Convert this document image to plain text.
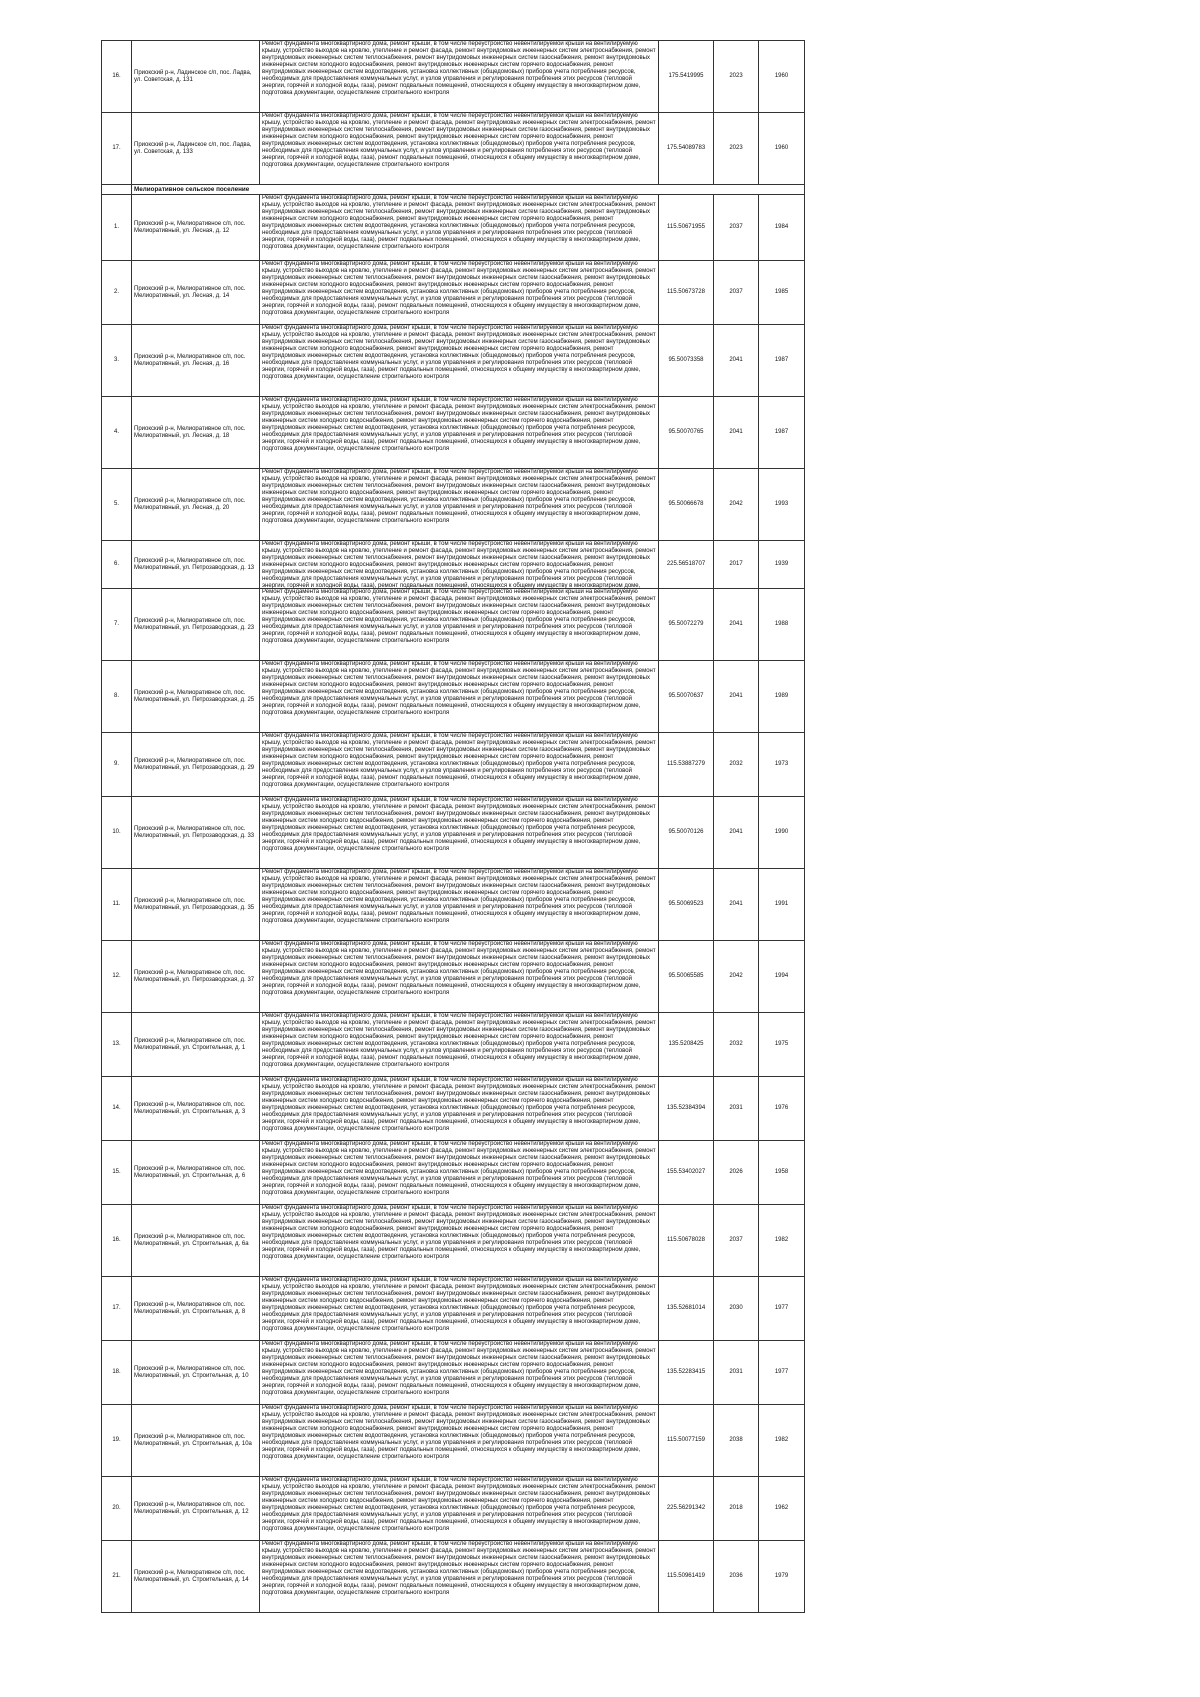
16.	Приокский р-н, Ладинское с/п, пос. Ладва, ул. Советская, д. 131	Ремонт фундамента многоквартирного дома, ремонт крыши, в том числе переустройство невентилируемой крыши на вентилируемую крышу, устройство выходов на кровлю, утепление и ремонт фасада, ремонт внутридомовых инженерных систем электроснабжения, ремонт внутридомовых инженерных систем теплоснабжения, ремонт внутридомовых инженерных систем газоснабжения, ремонт внутридомовых инженерных систем холодного водоснабжения, ремонт внутридомовых инженерных систем горячего водоснабжения, ремонт внутридомовых инженерных систем водоотведения, установка коллективных (общедомовых) приборов учета потребления ресурсов, необходимых для предоставления коммунальных услуг, и узлов управления и регулирования потребления этих ресурсов (тепловой энергии, горячей и холодной воды, газа), ремонт подвальных помещений, относящихся к общему имуществу в многоквартирном доме, подготовка документации, осуществление строительного контроля	175.5419995	2023	1960
17.	Приокский р-н, Ладинское с/п, пос. Ладва, ул. Советская, д. 133	Ремонт фундамента многоквартирного дома, ремонт крыши, в том числе переустройство невентилируемой крыши на вентилируемую крышу, устройство выходов на кровлю, утепление и ремонт фасада, ремонт внутридомовых инженерных систем электроснабжения, ремонт внутридомовых инженерных систем теплоснабжения, ремонт внутридомовых инженерных систем газоснабжения, ремонт внутридомовых инженерных систем холодного водоснабжения, ремонт внутридомовых инженерных систем горячего водоснабжения, ремонт внутридомовых инженерных систем водоотведения, установка коллективных (общедомовых) приборов учета потребления ресурсов, необходимых для предоставления коммунальных услуг, и узлов управления и регулирования потребления этих ресурсов (тепловой энергии, горячей и холодной воды, газа), ремонт подвальных помещений, относящихся к общему имуществу в многоквартирном доме, подготовка документации, осуществление строительного контроля	175.54089783	2023	1960
	Мелиоративное сельское поселение				
1.	Приокский р-н, Мелиоративное с/п, пос. Мелиоративный, ул. Лесная, д. 12	Ремонт фундамента многоквартирного дома, ремонт крыши, в том числе переустройство невентилируемой крыши на вентилируемую крышу, устройство выходов на кровлю, утепление и ремонт фасада, ремонт внутридомовых инженерных систем электроснабжения, ремонт внутридомовых инженерных систем теплоснабжения, ремонт внутридомовых инженерных систем газоснабжения, ремонт внутридомовых инженерных систем холодного водоснабжения, ремонт внутридомовых инженерных систем горячего водоснабжения, ремонт внутридомовых инженерных систем водоотведения, установка коллективных (общедомовых) приборов учета потребления ресурсов, необходимых для предоставления коммунальных услуг, и узлов управления и регулирования потребления этих ресурсов (тепловой энергии, горячей и холодной воды, газа), ремонт подвальных помещений, относящихся к общему имуществу в многоквартирном доме, подготовка документации, осуществление строительного контроля	115.50671955	2037	1984
2.	Приокский р-н, Мелиоративное с/п, пос. Мелиоративный, ул. Лесная, д. 14	Ремонт фундамента многоквартирного дома, ремонт крыши, в том числе переустройство невентилируемой крыши на вентилируемую крышу, устройство выходов на кровлю, утепление и ремонт фасада, ремонт внутридомовых инженерных систем электроснабжения, ремонт внутридомовых инженерных систем теплоснабжения, ремонт внутридомовых инженерных систем газоснабжения, ремонт внутридомовых инженерных систем холодного водоснабжения, ремонт внутридомовых инженерных систем горячего водоснабжения, ремонт внутридомовых инженерных систем водоотведения, установка коллективных (общедомовых) приборов учета потребления ресурсов, необходимых для предоставления коммунальных услуг, и узлов управления и регулирования потребления этих ресурсов (тепловой энергии, горячей и холодной воды, газа), ремонт подвальных помещений, относящихся к общему имуществу в многоквартирном доме, подготовка документации, осуществление строительного контроля	115.50673728	2037	1985
3.	Приокский р-н, Мелиоративное с/п, пос. Мелиоративный, ул. Лесная, д. 16	Ремонт фундамента многоквартирного дома, ремонт крыши, в том числе переустройство невентилируемой крыши на вентилируемую крышу, устройство выходов на кровлю, утепление и ремонт фасада, ремонт внутридомовых инженерных систем электроснабжения, ремонт внутридомовых инженерных систем теплоснабжения, ремонт внутридомовых инженерных систем газоснабжения, ремонт внутридомовых инженерных систем холодного водоснабжения, ремонт внутридомовых инженерных систем горячего водоснабжения, ремонт внутридомовых инженерных систем водоотведения, установка коллективных (общедомовых) приборов учета потребления ресурсов, необходимых для предоставления коммунальных услуг, и узлов управления и регулирования потребления этих ресурсов (тепловой энергии, горячей и холодной воды, газа), ремонт подвальных помещений, относящихся к общему имуществу в многоквартирном доме, подготовка документации, осуществление строительного контроля	95.50073358	2041	1987
4.	Приокский р-н, Мелиоративное с/п, пос. Мелиоративный, ул. Лесная, д. 18	Ремонт фундамента многоквартирного дома, ремонт крыши, в том числе переустройство невентилируемой крыши на вентилируемую крышу, устройство выходов на кровлю, утепление и ремонт фасада, ремонт внутридомовых инженерных систем электроснабжения, ремонт внутридомовых инженерных систем теплоснабжения, ремонт внутридомовых инженерных систем газоснабжения, ремонт внутридомовых инженерных систем холодного водоснабжения, ремонт внутридомовых инженерных систем горячего водоснабжения, ремонт внутридомовых инженерных систем водоотведения, установка коллективных (общедомовых) приборов учета потребления ресурсов, необходимых для предоставления коммунальных услуг, и узлов управления и регулирования потребления этих ресурсов (тепловой энергии, горячей и холодной воды, газа), ремонт подвальных помещений, относящихся к общему имуществу в многоквартирном доме, подготовка документации, осуществление строительного контроля	95.50070765	2041	1987
5.	Приокский р-н, Мелиоративное с/п, пос. Мелиоративный, ул. Лесная, д. 20	Ремонт фундамента многоквартирного дома, ремонт крыши, в том числе переустройство невентилируемой крыши на вентилируемую крышу, устройство выходов на кровлю, утепление и ремонт фасада, ремонт внутридомовых инженерных систем электроснабжения, ремонт внутридомовых инженерных систем теплоснабжения, ремонт внутридомовых инженерных систем газоснабжения, ремонт внутридомовых инженерных систем холодного водоснабжения, ремонт внутридомовых инженерных систем горячего водоснабжения, ремонт внутридомовых инженерных систем водоотведения, установка коллективных (общедомовых) приборов учета потребления ресурсов, необходимых для предоставления коммунальных услуг, и узлов управления и регулирования потребления этих ресурсов (тепловой энергии, горячей и холодной воды, газа), ремонт подвальных помещений, относящихся к общему имуществу в многоквартирном доме, подготовка документации, осуществление строительного контроля	95.50066678	2042	1993
6.	Приокский р-н, Мелиоративное с/п, пос. Мелиоративный, ул. Петрозаводская, д. 13	Ремонт фундамента многоквартирного дома, ремонт крыши, в том числе переустройство невентилируемой крыши на вентилируемую крышу, устройство выходов на кровлю, утепление и ремонт фасада, ремонт внутридомовых инженерных систем электроснабжения, ремонт внутридомовых инженерных систем теплоснабжения, ремонт внутридомовых инженерных систем газоснабжения, ремонт внутридомовых инженерных систем холодного водоснабжения, ремонт внутридомовых инженерных систем горячего водоснабжения, ремонт внутридомовых инженерных систем водоотведения, установка коллективных (общедомовых) приборов учета потребления ресурсов, необходимых для предоставления коммунальных услуг, и узлов управления и регулирования потребления этих ресурсов (тепловой энергии, горячей и холодной воды, газа), ремонт подвальных помещений, относящихся к общему имуществу в многоквартирном доме,	225.56518707	2017	1939
7.	Приокский р-н, Мелиоративное с/п, пос. Мелиоративный, ул. Петрозаводская, д. 23	Ремонт фундамента многоквартирного дома, ремонт крыши, в том числе переустройство невентилируемой крыши на вентилируемую крышу, устройство выходов на кровлю, утепление и ремонт фасада, ремонт внутридомовых инженерных систем электроснабжения, ремонт внутридомовых инженерных систем теплоснабжения, ремонт внутридомовых инженерных систем газоснабжения, ремонт внутридомовых инженерных систем холодного водоснабжения, ремонт внутридомовых инженерных систем горячего водоснабжения, ремонт внутридомовых инженерных систем водоотведения, установка коллективных (общедомовых) приборов учета потребления ресурсов, необходимых для предоставления коммунальных услуг, и узлов управления и регулирования потребления этих ресурсов (тепловой энергии, горячей и холодной воды, газа), ремонт подвальных помещений, относящихся к общему имуществу в многоквартирном доме, подготовка документации, осуществление строительного контроля	95.50072279	2041	1988
8.	Приокский р-н, Мелиоративное с/п, пос. Мелиоративный, ул. Петрозаводская, д. 25	Ремонт фундамента многоквартирного дома, ремонт крыши, в том числе переустройство невентилируемой крыши на вентилируемую крышу, устройство выходов на кровлю, утепление и ремонт фасада, ремонт внутридомовых инженерных систем электроснабжения, ремонт внутридомовых инженерных систем теплоснабжения, ремонт внутридомовых инженерных систем газоснабжения, ремонт внутридомовых инженерных систем холодного водоснабжения, ремонт внутридомовых инженерных систем горячего водоснабжения, ремонт внутридомовых инженерных систем водоотведения, установка коллективных (общедомовых) приборов учета потребления ресурсов, необходимых для предоставления коммунальных услуг, и узлов управления и регулирования потребления этих ресурсов (тепловой энергии, горячей и холодной воды, газа), ремонт подвальных помещений, относящихся к общему имуществу в многоквартирном доме, подготовка документации, осуществление строительного контроля	95.50070637	2041	1989
9.	Приокский р-н, Мелиоративное с/п, пос. Мелиоративный, ул. Петрозаводская, д. 29	Ремонт фундамента многоквартирного дома, ремонт крыши, в том числе переустройство невентилируемой крыши на вентилируемую крышу, устройство выходов на кровлю, утепление и ремонт фасада, ремонт внутридомовых инженерных систем электроснабжения, ремонт внутридомовых инженерных систем теплоснабжения, ремонт внутридомовых инженерных систем газоснабжения, ремонт внутридомовых инженерных систем холодного водоснабжения, ремонт внутридомовых инженерных систем горячего водоснабжения, ремонт внутридомовых инженерных систем водоотведения, установка коллективных (общедомовых) приборов учета потребления ресурсов, необходимых для предоставления коммунальных услуг, и узлов управления и регулирования потребления этих ресурсов (тепловой энергии, горячей и холодной воды, газа), ремонт подвальных помещений, относящихся к общему имуществу в многоквартирном доме, подготовка документации, осуществление строительного контроля	115.53887279	2032	1973
10.	Приокский р-н, Мелиоративное с/п, пос. Мелиоративный, ул. Петрозаводская, д. 33	Ремонт фундамента многоквартирного дома, ремонт крыши, в том числе переустройство невентилируемой крыши на вентилируемую крышу, устройство выходов на кровлю, утепление и ремонт фасада, ремонт внутридомовых инженерных систем электроснабжения, ремонт внутридомовых инженерных систем теплоснабжения, ремонт внутридомовых инженерных систем газоснабжения, ремонт внутридомовых инженерных систем холодного водоснабжения, ремонт внутридомовых инженерных систем горячего водоснабжения, ремонт внутридомовых инженерных систем водоотведения, установка коллективных (общедомовых) приборов учета потребления ресурсов, необходимых для предоставления коммунальных услуг, и узлов управления и регулирования потребления этих ресурсов (тепловой энергии, горячей и холодной воды, газа), ремонт подвальных помещений, относящихся к общему имуществу в многоквартирном доме, подготовка документации, осуществление строительного контроля	95.50070126	2041	1990
11.	Приокский р-н, Мелиоративное с/п, пос. Мелиоративный, ул. Петрозаводская, д. 35	Ремонт фундамента многоквартирного дома, ремонт крыши, в том числе переустройство невентилируемой крыши на вентилируемую крышу, устройство выходов на кровлю, утепление и ремонт фасада, ремонт внутридомовых инженерных систем электроснабжения, ремонт внутридомовых инженерных систем теплоснабжения, ремонт внутридомовых инженерных систем газоснабжения, ремонт внутридомовых инженерных систем холодного водоснабжения, ремонт внутридомовых инженерных систем горячего водоснабжения, ремонт внутридомовых инженерных систем водоотведения, установка коллективных (общедомовых) приборов учета потребления ресурсов, необходимых для предоставления коммунальных услуг, и узлов управления и регулирования потребления этих ресурсов (тепловой энергии, горячей и холодной воды, газа), ремонт подвальных помещений, относящихся к общему имуществу в многоквартирном доме, подготовка документации, осуществление строительного контроля	95.50069523	2041	1991
12.	Приокский р-н, Мелиоративное с/п, пос. Мелиоративный, ул. Петрозаводская, д. 37	Ремонт фундамента многоквартирного дома, ремонт крыши, в том числе переустройство невентилируемой крыши на вентилируемую крышу, устройство выходов на кровлю, утепление и ремонт фасада, ремонт внутридомовых инженерных систем электроснабжения, ремонт внутридомовых инженерных систем теплоснабжения, ремонт внутридомовых инженерных систем газоснабжения, ремонт внутридомовых инженерных систем холодного водоснабжения, ремонт внутридомовых инженерных систем горячего водоснабжения, ремонт внутридомовых инженерных систем водоотведения, установка коллективных (общедомовых) приборов учета потребления ресурсов, необходимых для предоставления коммунальных услуг, и узлов управления и регулирования потребления этих ресурсов (тепловой энергии, горячей и холодной воды, газа), ремонт подвальных помещений, относящихся к общему имуществу в многоквартирном доме, подготовка документации, осуществление строительного контроля	95.50065585	2042	1994
13.	Приокский р-н, Мелиоративное с/п, пос. Мелиоративный, ул. Строительная, д. 1	Ремонт фундамента многоквартирного дома, ремонт крыши, в том числе переустройство невентилируемой крыши на вентилируемую крышу, устройство выходов на кровлю, утепление и ремонт фасада, ремонт внутридомовых инженерных систем электроснабжения, ремонт внутридомовых инженерных систем теплоснабжения, ремонт внутридомовых инженерных систем газоснабжения, ремонт внутридомовых инженерных систем холодного водоснабжения, ремонт внутридомовых инженерных систем горячего водоснабжения, ремонт внутридомовых инженерных систем водоотведения, установка коллективных (общедомовых) приборов учета потребления ресурсов, необходимых для предоставления коммунальных услуг, и узлов управления и регулирования потребления этих ресурсов (тепловой энергии, горячей и холодной воды, газа), ремонт подвальных помещений, относящихся к общему имуществу в многоквартирном доме, подготовка документации, осуществление строительного контроля	135.5208425	2032	1975
14.	Приокский р-н, Мелиоративное с/п, пос. Мелиоративный, ул. Строительная, д. 3	Ремонт фундамента многоквартирного дома, ремонт крыши, в том числе переустройство невентилируемой крыши на вентилируемую крышу, устройство выходов на кровлю, утепление и ремонт фасада, ремонт внутридомовых инженерных систем электроснабжения, ремонт внутридомовых инженерных систем теплоснабжения, ремонт внутридомовых инженерных систем газоснабжения, ремонт внутридомовых инженерных систем холодного водоснабжения, ремонт внутридомовых инженерных систем горячего водоснабжения, ремонт внутридомовых инженерных систем водоотведения, установка коллективных (общедомовых) приборов учета потребления ресурсов, необходимых для предоставления коммунальных услуг, и узлов управления и регулирования потребления этих ресурсов (тепловой энергии, горячей и холодной воды, газа), ремонт подвальных помещений, относящихся к общему имуществу в многоквартирном доме, подготовка документации, осуществление строительного контроля	135.52384394	2031	1976
15.	Приокский р-н, Мелиоративное с/п, пос. Мелиоративный, ул. Строительная, д. 6	Ремонт фундамента многоквартирного дома, ремонт крыши, в том числе переустройство невентилируемой крыши на вентилируемую крышу, устройство выходов на кровлю, утепление и ремонт фасада, ремонт внутридомовых инженерных систем электроснабжения, ремонт внутридомовых инженерных систем теплоснабжения, ремонт внутридомовых инженерных систем газоснабжения, ремонт внутридомовых инженерных систем холодного водоснабжения, ремонт внутридомовых инженерных систем горячего водоснабжения, ремонт внутридомовых инженерных систем водоотведения, установка коллективных (общедомовых) приборов учета потребления ресурсов, необходимых для предоставления коммунальных услуг, и узлов управления и регулирования потребления этих ресурсов (тепловой энергии, горячей и холодной воды, газа), ремонт подвальных помещений, относящихся к общему имуществу в многоквартирном доме, подготовка документации, осуществление строительного контроля	155.53402027	2026	1958
16.	Приокский р-н, Мелиоративное с/п, пос. Мелиоративный, ул. Строительная, д. 6а	Ремонт фундамента многоквартирного дома, ремонт крыши, в том числе переустройство невентилируемой крыши на вентилируемую крышу, устройство выходов на кровлю, утепление и ремонт фасада, ремонт внутридомовых инженерных систем электроснабжения, ремонт внутридомовых инженерных систем теплоснабжения, ремонт внутридомовых инженерных систем газоснабжения, ремонт внутридомовых инженерных систем холодного водоснабжения, ремонт внутридомовых инженерных систем горячего водоснабжения, ремонт внутридомовых инженерных систем водоотведения, установка коллективных (общедомовых) приборов учета потребления ресурсов, необходимых для предоставления коммунальных услуг, и узлов управления и регулирования потребления этих ресурсов (тепловой энергии, горячей и холодной воды, газа), ремонт подвальных помещений, относящихся к общему имуществу в многоквартирном доме, подготовка документации, осуществление строительного контроля	115.50678028	2037	1982
17.	Приокский р-н, Мелиоративное с/п, пос. Мелиоративный, ул. Строительная, д. 8	Ремонт фундамента многоквартирного дома, ремонт крыши, в том числе переустройство невентилируемой крыши на вентилируемую крышу, устройство выходов на кровлю, утепление и ремонт фасада, ремонт внутридомовых инженерных систем электроснабжения, ремонт внутридомовых инженерных систем теплоснабжения, ремонт внутридомовых инженерных систем газоснабжения, ремонт внутридомовых инженерных систем холодного водоснабжения, ремонт внутридомовых инженерных систем горячего водоснабжения, ремонт внутридомовых инженерных систем водоотведения, установка коллективных (общедомовых) приборов учета потребления ресурсов, необходимых для предоставления коммунальных услуг, и узлов управления и регулирования потребления этих ресурсов (тепловой энергии, горячей и холодной воды, газа), ремонт подвальных помещений, относящихся к общему имуществу в многоквартирном доме, подготовка документации, осуществление строительного контроля	135.52681014	2030	1977
18.	Приокский р-н, Мелиоративное с/п, пос. Мелиоративный, ул. Строительная, д. 10	Ремонт фундамента многоквартирного дома, ремонт крыши, в том числе переустройство невентилируемой крыши на вентилируемую крышу, устройство выходов на кровлю, утепление и ремонт фасада, ремонт внутридомовых инженерных систем электроснабжения, ремонт внутридомовых инженерных систем теплоснабжения, ремонт внутридомовых инженерных систем газоснабжения, ремонт внутридомовых инженерных систем холодного водоснабжения, ремонт внутридомовых инженерных систем горячего водоснабжения, ремонт внутридомовых инженерных систем водоотведения, установка коллективных (общедомовых) приборов учета потребления ресурсов, необходимых для предоставления коммунальных услуг, и узлов управления и регулирования потребления этих ресурсов (тепловой энергии, горячей и холодной воды, газа), ремонт подвальных помещений, относящихся к общему имуществу в многоквартирном доме, подготовка документации, осуществление строительного контроля	135.52283415	2031	1977
19.	Приокский р-н, Мелиоративное с/п, пос. Мелиоративный, ул. Строительная, д. 10а	Ремонт фундамента многоквартирного дома, ремонт крыши, в том числе переустройство невентилируемой крыши на вентилируемую крышу, устройство выходов на кровлю, утепление и ремонт фасада, ремонт внутридомовых инженерных систем электроснабжения, ремонт внутридомовых инженерных систем теплоснабжения, ремонт внутридомовых инженерных систем газоснабжения, ремонт внутридомовых инженерных систем холодного водоснабжения, ремонт внутридомовых инженерных систем горячего водоснабжения, ремонт внутридомовых инженерных систем водоотведения, установка коллективных (общедомовых) приборов учета потребления ресурсов, необходимых для предоставления коммунальных услуг, и узлов управления и регулирования потребления этих ресурсов (тепловой энергии, горячей и холодной воды, газа), ремонт подвальных помещений, относящихся к общему имуществу в многоквартирном доме, подготовка документации, осуществление строительного контроля	115.50077159	2038	1982
20.	Приокский р-н, Мелиоративное с/п, пос. Мелиоративный, ул. Строительная, д. 12	Ремонт фундамента многоквартирного дома, ремонт крыши, в том числе переустройство невентилируемой крыши на вентилируемую крышу, устройство выходов на кровлю, утепление и ремонт фасада, ремонт внутридомовых инженерных систем электроснабжения, ремонт внутридомовых инженерных систем теплоснабжения, ремонт внутридомовых инженерных систем газоснабжения, ремонт внутридомовых инженерных систем холодного водоснабжения, ремонт внутридомовых инженерных систем горячего водоснабжения, ремонт внутридомовых инженерных систем водоотведения, установка коллективных (общедомовых) приборов учета потребления ресурсов, необходимых для предоставления коммунальных услуг, и узлов управления и регулирования потребления этих ресурсов (тепловой энергии, горячей и холодной воды, газа), ремонт подвальных помещений, относящихся к общему имуществу в многоквартирном доме, подготовка документации, осуществление строительного контроля	225.56291342	2018	1962
21.	Приокский р-н, Мелиоративное с/п, пос. Мелиоративный, ул. Строительная, д. 14	Ремонт фундамента многоквартирного дома, ремонт крыши, в том числе переустройство невентилируемой крыши на вентилируемую крышу, устройство выходов на кровлю, утепление и ремонт фасада, ремонт внутридомовых инженерных систем электроснабжения, ремонт внутридомовых инженерных систем теплоснабжения, ремонт внутридомовых инженерных систем газоснабжения, ремонт внутридомовых инженерных систем холодного водоснабжения, ремонт внутридомовых инженерных систем горячего водоснабжения, ремонт внутридомовых инженерных систем водоотведения, установка коллективных (общедомовых) приборов учета потребления ресурсов, необходимых для предоставления коммунальных услуг, и узлов управления и регулирования потребления этих ресурсов (тепловой энергии, горячей и холодной воды, газа), ремонт подвальных помещений, относящихся к общему имуществу в многоквартирном доме, подготовка документации, осуществление строительного контроля	115.50961419	2036	1979
